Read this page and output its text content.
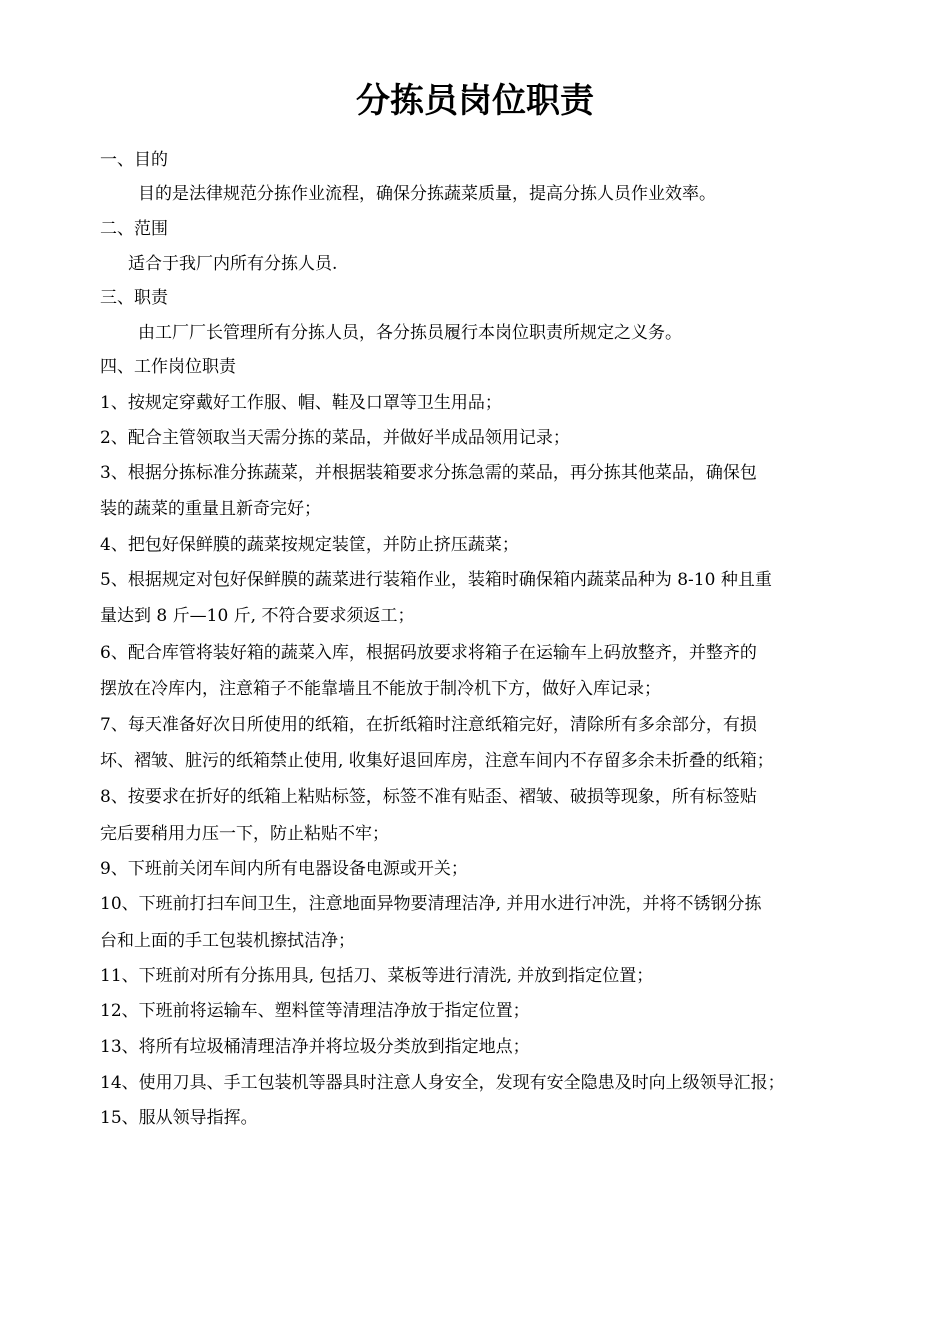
分拣员岗位职责
一、目的
目的是法律规范分拣作业流程，确保分拣蔬菜质量，提高分拣人员作业效率。
二、范围
适合于我厂内所有分拣人员.
三、职责
由工厂厂长管理所有分拣人员，各分拣员履行本岗位职责所规定之义务。
四、工作岗位职责
1、按规定穿戴好工作服、帽、鞋及口罩等卫生用品；
2、配合主管领取当天需分拣的菜品，并做好半成品领用记录；
3、根据分拣标准分拣蔬菜，并根据装箱要求分拣急需的菜品，再分拣其他菜品，确保包
装的蔬菜的重量且新奇完好；
4、把包好保鲜膜的蔬菜按规定装筐，并防止挤压蔬菜；
5、根据规定对包好保鲜膜的蔬菜进行装箱作业，装箱时确保箱内蔬菜品种为 8-10 种且重
量达到 8 斤—10 斤, 不符合要求须返工；
6、配合库管将装好箱的蔬菜入库，根据码放要求将箱子在运输车上码放整齐，并整齐的
摆放在冷库内，注意箱子不能靠墙且不能放于制冷机下方，做好入库记录；
7、每天准备好次日所使用的纸箱，在折纸箱时注意纸箱完好，清除所有多余部分，有损
坏、褶皱、脏污的纸箱禁止使用, 收集好退回库房，注意车间内不存留多余未折叠的纸箱；
8、按要求在折好的纸箱上粘贴标签，标签不准有贴歪、褶皱、破损等现象，所有标签贴
完后要稍用力压一下，防止粘贴不牢；
9、下班前关闭车间内所有电器设备电源或开关；
10、下班前打扫车间卫生，注意地面异物要清理洁净, 并用水进行冲洗，并将不锈钢分拣
台和上面的手工包装机擦拭洁净；
11、下班前对所有分拣用具, 包括刀、菜板等进行清洗, 并放到指定位置；
12、下班前将运输车、塑料筐等清理洁净放于指定位置；
13、将所有垃圾桶清理洁净并将垃圾分类放到指定地点；
14、使用刀具、手工包装机等器具时注意人身安全，发现有安全隐患及时向上级领导汇报；
15、服从领导指挥。
